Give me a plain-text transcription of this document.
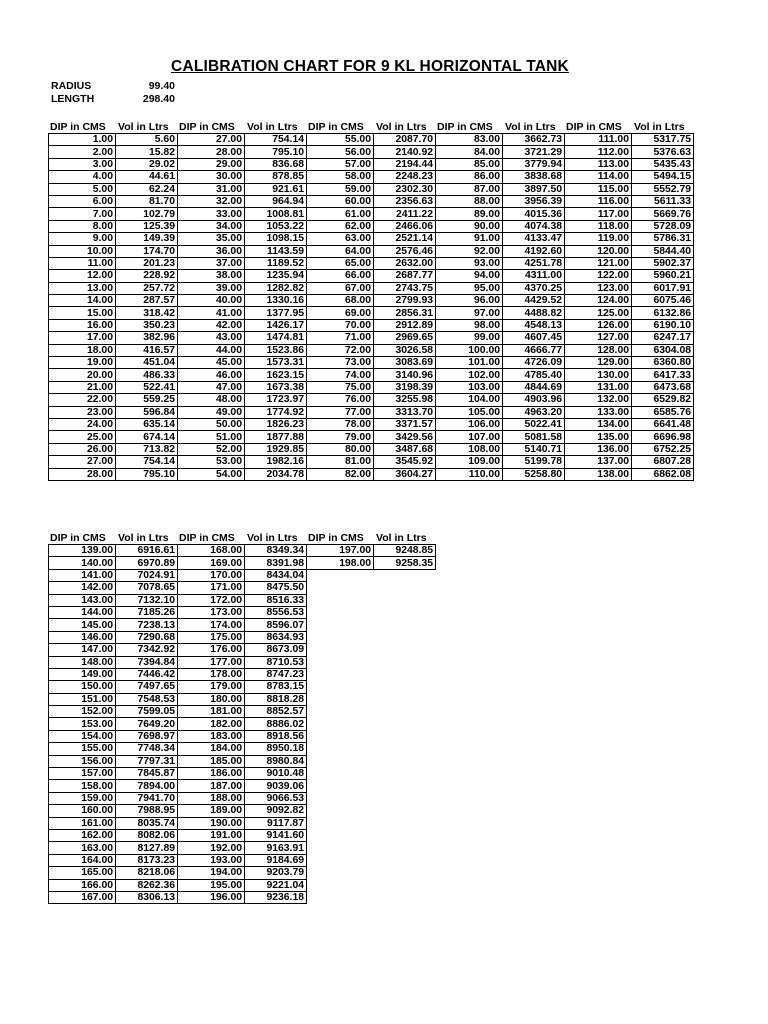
CALIBRATION CHART FOR 9 KL HORIZONTAL TANK
RADIUS	99.40
LENGTH	298.40
DIP in CMS Vol in Ltrs DIP in CMS Vol in Ltrs DIP in CMS Vol in Ltrs DIP in CMS Vol in Ltrs DIP in CMS Vol in Ltrs
1.00	5.60	27.00	754.14	55.00	2087.70	83.00	3662.73	111.00	5317.75
2.00	15.82	28.00	795.10	56.00	2140.92	84.00	3721.29	112.00	5376.63
3.00	29.02	29.00	836.68	57.00	2194.44	85.00	3779.94	113.00	5435.43
4.00	44.61	30.00	878.85	58.00	2248.23	86.00	3838.68	114.00	5494.15
5.00	62.24	31.00	921.61	59.00	2302.30	87.00	3897.50	115.00	5552.79
6.00	81.70	32.00	964.94	60.00	2356.63	88.00	3956.39	116.00	5611.33
7.00	102.79	33.00	1008.81	61.00	2411.22	89.00	4015.36	117.00	5669.76
8.00	125.39	34.00	1053.22	62.00	2466.06	90.00	4074.38	118.00	5728.09
9.00	149.39	35.00	1098.15	63.00	2521.14	91.00	4133.47	119.00	5786.31
10.00	174.70	36.00	1143.59	64.00	2576.46	92.00	4192.60	120.00	5844.40
11.00	201.23	37.00	1189.52	65.00	2632.00	93.00	4251.78	121.00	5902.37
12.00	228.92	38.00	1235.94	66.00	2687.77	94.00	4311.00	122.00	5960.21
13.00	257.72	39.00	1282.82	67.00	2743.75	95.00	4370.25	123.00	6017.91
14.00	287.57	40.00	1330.16	68.00	2799.93	96.00	4429.52	124.00	6075.46
15.00	318.42	41.00	1377.95	69.00	2856.31	97.00	4488.82	125.00	6132.86
16.00	350.23	42.00	1426.17	70.00	2912.89	98.00	4548.13	126.00	6190.10
17.00	382.96	43.00	1474.81	71.00	2969.65	99.00	4607.45	127.00	6247.17
18.00	416.57	44.00	1523.86	72.00	3026.58	100.00	4666.77	128.00	6304.08
19.00	451.04	45.00	1573.31	73.00	3083.69	101.00	4726.09	129.00	6360.80
20.00	486.33	46.00	1623.15	74.00	3140.96	102.00	4785.40	130.00	6417.33
21.00	522.41	47.00	1673.38	75.00	3198.39	103.00	4844.69	131.00	6473.68
22.00	559.25	48.00	1723.97	76.00	3255.98	104.00	4903.96	132.00	6529.82
23.00	596.84	49.00	1774.92	77.00	3313.70	105.00	4963.20	133.00	6585.76
24.00	635.14	50.00	1826.23	78.00	3371.57	106.00	5022.41	134.00	6641.48
25.00	674.14	51.00	1877.88	79.00	3429.56	107.00	5081.58	135.00	6696.98
26.00	713.82	52.00	1929.85	80.00	3487.68	108.00	5140.71	136.00	6752.25
27.00	754.14	53.00	1982.16	81.00	3545.92	109.00	5199.78	137.00	6807.28
28.00	795.10	54.00	2034.78	82.00	3604.27	110.00	5258.80	138.00	6862.08
DIP in CMS Vol in Ltrs DIP in CMS Vol in Ltrs DIP in CMS Vol in Ltrs
139.00	6916.61	168.00	8349.34	197.00	9248.85
140.00	6970.89	169.00	8391.98	198.00	9258.35
141.00	7024.91	170.00	8434.04		
142.00	7078.65	171.00	8475.50		
143.00	7132.10	172.00	8516.33		
144.00	7185.26	173.00	8556.53		
145.00	7238.13	174.00	8596.07		
146.00	7290.68	175.00	8634.93		
147.00	7342.92	176.00	8673.09		
148.00	7394.84	177.00	8710.53		
149.00	7446.42	178.00	8747.23		
150.00	7497.65	179.00	8783.15		
151.00	7548.53	180.00	8818.28		
152.00	7599.05	181.00	8852.57		
153.00	7649.20	182.00	8886.02		
154.00	7698.97	183.00	8918.56		
155.00	7748.34	184.00	8950.18		
156.00	7797.31	185.00	8980.84		
157.00	7845.87	186.00	9010.48		
158.00	7894.00	187.00	9039.06		
159.00	7941.70	188.00	9066.53		
160.00	7988.95	189.00	9092.82		
161.00	8035.74	190.00	9117.87		
162.00	8082.06	191.00	9141.60		
163.00	8127.89	192.00	9163.91		
164.00	8173.23	193.00	9184.69		
165.00	8218.06	194.00	9203.79		
166.00	8262.36	195.00	9221.04		
167.00	8306.13	196.00	9236.18		
